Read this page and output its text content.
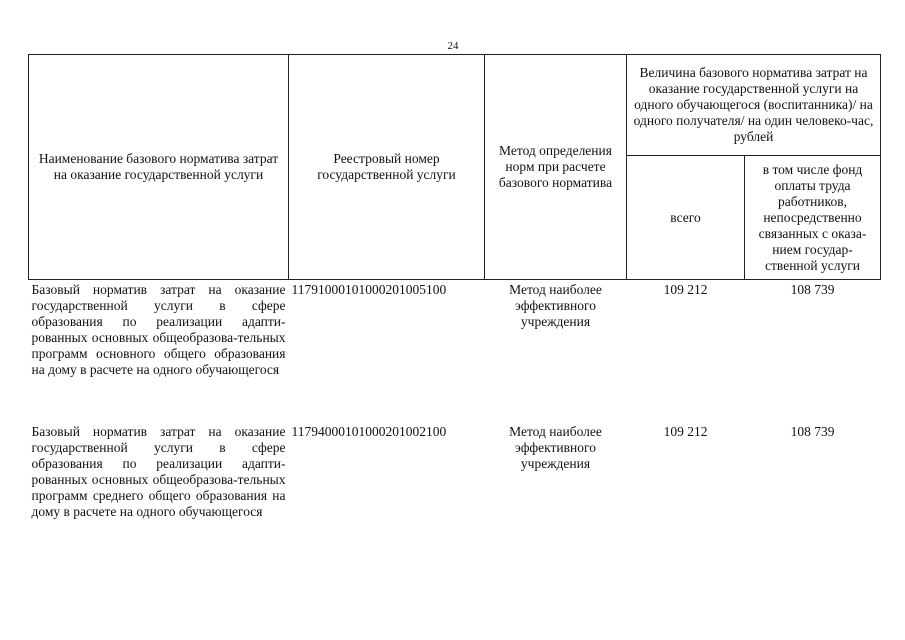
24
Наименование базового норматива затрат на оказание государственной услуги	Реестровый номер государственной услуги	Метод определения норм при расчете базового норматива	Величина базового норматива затрат на оказание государственной услуги на одного обучающегося (воспитанника)/ на одного получателя/ на один человеко-час, рублей	
			всего	в том числе фонд оплаты труда работников, непосредственно связанных с оказа-нием государ-ственной услуги
Базовый норматив затрат на оказание государственной услуги в сфере образования по реализации адапти-рованных основных общеобразова-тельных программ основного общего образования на дому в расчете на одного обучающегося	11791000101000201005100	Метод наиболее эффективного учреждения	109 212	108 739
Базовый норматив затрат на оказание государственной услуги в сфере образования по реализации адапти-рованных основных общеобразова-тельных программ среднего общего образования на дому в расчете на одного обучающегося	11794000101000201002100	Метод наиболее эффективного учреждения	109 212	108 739
